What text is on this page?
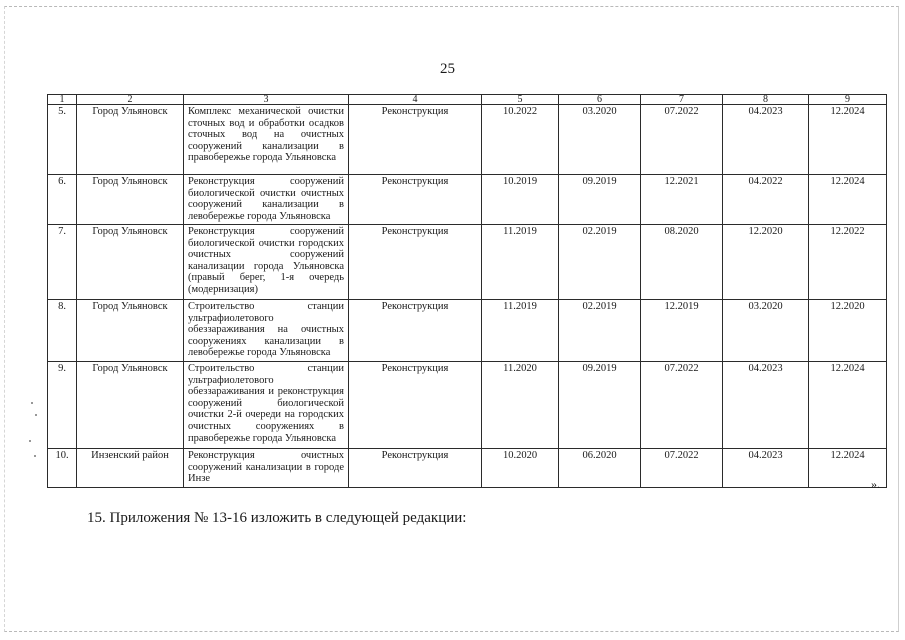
25
1	2	3	4	5	6	7	8	9
5.	Город Ульяновск	Комплекс механической очистки сточных вод и обработки осадков сточных вод на очистных сооружений канализации в правобережье города Ульяновска	Реконструкция	10.2022	03.2020	07.2022	04.2023	12.2024
6.	Город Ульяновск	Реконструкция сооружений биологической очистки очистных сооружений канализации в левобережье города Ульяновска	Реконструкция	10.2019	09.2019	12.2021	04.2022	12.2024
7.	Город Ульяновск	Реконструкция сооружений биологической очистки городских очистных сооружений канализации города Ульяновска (правый берег, 1-я очередь (модернизация)	Реконструкция	11.2019	02.2019	08.2020	12.2020	12.2022
8.	Город Ульяновск	Строительство станции ультрафиолетового обеззараживания на очистных сооружениях канализации в левобережье города Ульяновска	Реконструкция	11.2019	02.2019	12.2019	03.2020	12.2020
9.	Город Ульяновск	Строительство станции ультрафиолетового обеззараживания и реконструкция сооружений биологической очистки 2-й очереди на городских очистных сооружениях в правобережье города Ульяновска	Реконструкция	11.2020	09.2019	07.2022	04.2023	12.2024
10.	Инзенский район	Реконструкция очистных сооружений канализации в городе Инзе	Реконструкция	10.2020	06.2020	07.2022	04.2023	12.2024
».
15. Приложения № 13-16 изложить в следующей редакции:
